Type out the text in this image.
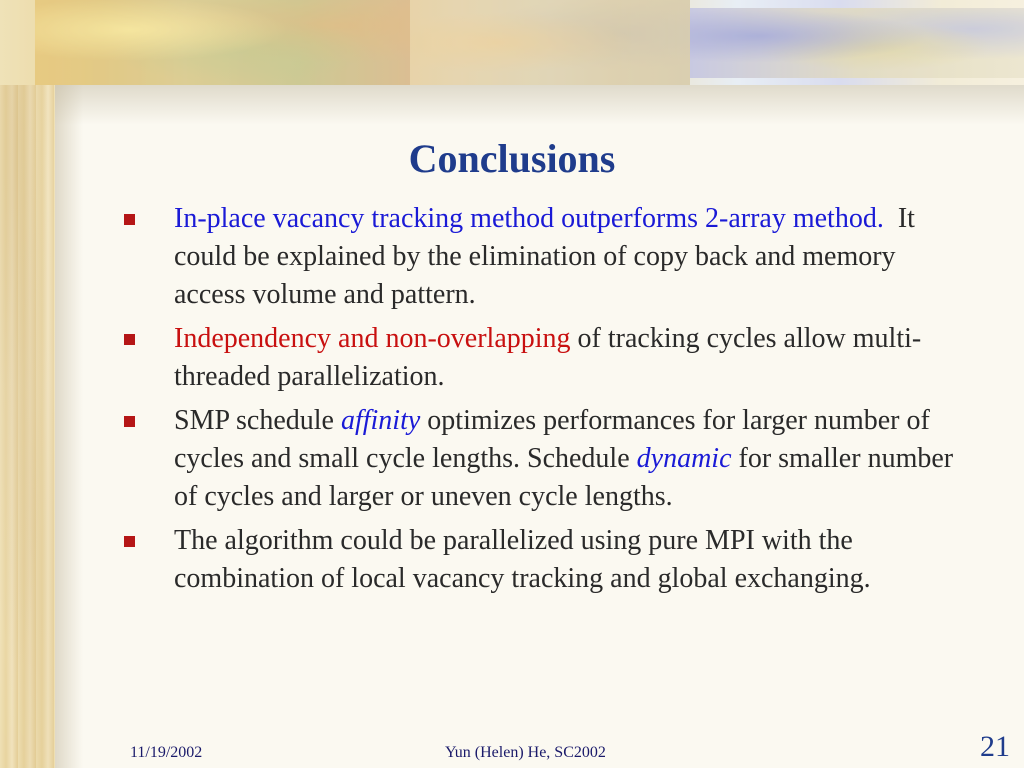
Conclusions
In-place vacancy tracking method outperforms 2-array method.  It could be explained by the elimination of copy back and memory access volume and pattern.
Independency and non-overlapping of tracking cycles allow multi-threaded parallelization.
SMP schedule affinity optimizes performances for larger number of cycles and small cycle lengths. Schedule dynamic for smaller number of cycles and larger or uneven cycle lengths.
The algorithm could be parallelized using pure MPI with the combination of local vacancy tracking and global exchanging.
11/19/2002	Yun (Helen) He, SC2002	21
